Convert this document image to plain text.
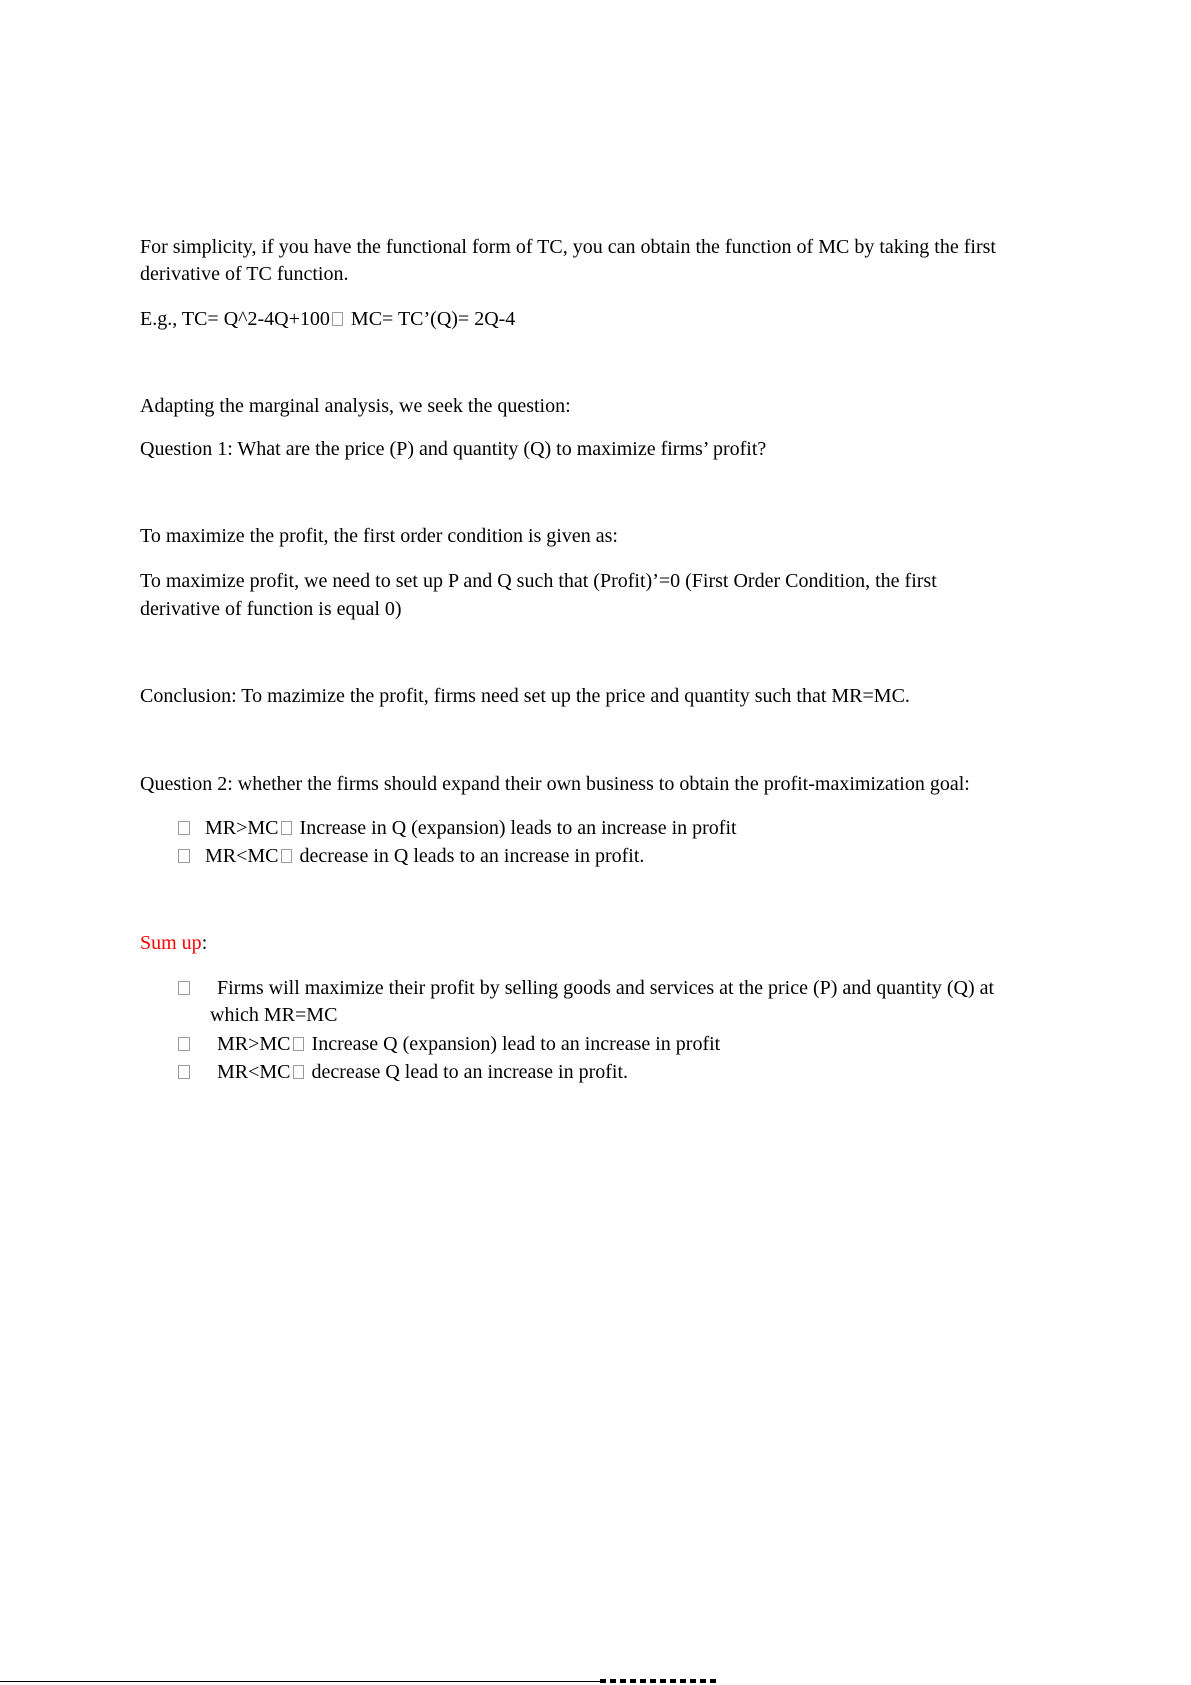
For simplicity, if you have the functional form of TC, you can obtain the function of MC by taking the first
derivative of TC function.
E.g., TC= Q^2-4Q+100 MC= TC’(Q)= 2Q-4
Adapting the marginal analysis, we seek the question:
Question 1: What are the price (P) and quantity (Q) to maximize firms’ profit?
To maximize the profit, the first order condition is given as:
To maximize profit, we need to set up P and Q such that (Profit)’=0 (First Order Condition, the first
derivative of function is equal 0)
Conclusion: To mazimize the profit, firms need set up the price and quantity such that MR=MC.
Question 2: whether the firms should expand their own business to obtain the profit-maximization goal:
MR>MC Increase in Q (expansion) leads to an increase in profit
MR<MC decrease in Q leads to an increase in profit.
Sum up:
Firms will maximize their profit by selling goods and services at the price (P) and quantity (Q) at
which MR=MC
MR>MC Increase Q (expansion) lead to an increase in profit
MR<MC decrease Q lead to an increase in profit.
